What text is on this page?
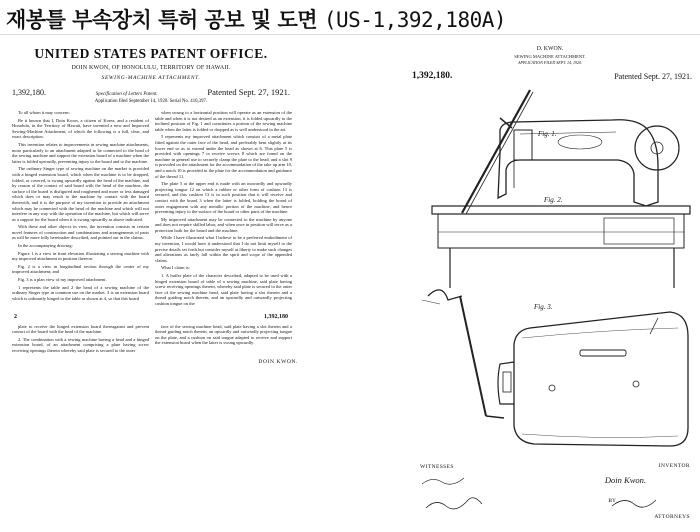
재봉틀 부속장치 특허 공보 및 도면 (US-1,392,180A)
UNITED STATES PATENT OFFICE.
DOIN KWON, OF HONOLULU, TERRITORY OF HAWAII.
SEWING-MACHINE ATTACHMENT.
1,392,180.	Specification of Letters Patent.	Patented Sept. 27, 1921.
Application filed September 14, 1920. Serial No. 410,397.

To all whom it may concern:

Be it known that I, Doin Kwon, a citizen of Korea, and a resident of Honolulu, in the Territory of Hawaii, have invented a new and Improved Sewing-Machine Attachment, of which the following is a full, clear, and exact description.

This invention relates to improvements in sewing machine attachments, more particularly to an attachment adapted to be connected to the head of the sewing machine and support the extension board of a machine when the latter is folded upwardly, preventing injury to the board and to the machine.

The ordinary Singer type of sewing machine on the market is provided with a hinged extension board, which when the machine is to be dropped, folded, or covered, is swung upwardly against the head of the machine, and by reason of the contact of said board with the head of the machine, the surface of the board is disfigured and roughened and more or less damaged which does or may result to the machine by contact with the board therewith, and it is the purpose of my invention to provide an attachment which may be connected with the head of the machine and which will not interfere in any way with the operation of the machine, but which will serve as a support for the board when it is swung upwardly as above indicated.

With these and other objects in view, the invention consists in certain novel features of construction and combinations and arrangements of parts as will be more fully hereinafter described, and pointed out in the claims.

In the accompanying drawing:

Figure 1 is a view in front elevation illustrating a sewing machine with my improved attachment in position thereon.

Fig. 2 is a view in longitudinal section through the center of my improved attachment; and

Fig. 3 is a plan view of my improved attachment.

1 represents the table and 2 the head of a sewing machine of the ordinary Singer type in common use on the market. 3 is an extension board which is ordinarily hinged to the table as shown at 4, so that this board

when swung to a horizontal position will operate as an extension of the table and when it is not desired as an extension, it is folded upwardly to the inclined position of Fig. 1 and constitutes a portion of the sewing machine table when the latter is folded or dropped as is well understood in the art.

5 represents my improved attachment which consists of a metal plate fitted against the outer face of the head, and preferably bent slightly at its lower end so as to extend under the head as shown at 6. This plate 5 is provided with openings 7 to receive screws 8 which are found on the machine in general use to securely clamp the plate to the head, and a slot 9 is provided on the attachment for the accommodation of the take up arm 10, and a notch 10 is provided in the plate for the accommodation and guidance of the thread 11.

The plate 5 at the upper end is made with an outwardly and upwardly projecting tongue 12 on which a rubber or other form of cushion 13 is secured, and this cushion 13 is in such position that it will receive and contact with the board 3 when the latter is folded, holding the board of outer engagement with any metallic portion of the machine, and hence preventing injury to the surface of the board or other parts of the machine.

My improved attachment may be connected to the machine by anyone and does not require skilled labor, and when once in position will serve as a protection both for the board and the machine.

While I have illustrated what I believe to be a preferred embodiment of my invention, I would have it understood that I do not limit myself to the precise details set forth but consider myself at liberty to make such changes and alterations as fairly fall within the spirit and scope of the appended claims.

What I claim is:

1. A buffer plate of the character described, adapted to be used with a hinged extension board of table of a sewing machine, said plate having screw receiving openings therein, whereby said plate is secured to the outer face of the sewing machine head, said plate having a slot therein and a thread guiding notch therein, and an upwardly and outwardly projecting cushion tongue on the

2	1,392,180

plate to receive the hinged extension board thereagainst and prevent contact of the board with the head of the machine.

2. The combination with a sewing machine having a head and a hinged extension board, of an attachment comprising a plate having screw receiving openings therein whereby said plate is secured to the outer

face of the sewing machine head, said plate having a slot therein and a thread guiding notch therein, an upwardly and outwardly projecting tongue on the plate, and a cushion on said tongue adapted to receive and support the extension board when the latter is swung upwardly.

DOIN KWON.
D. KWON.
SEWING MACHINE ATTACHMENT.
APPLICATION FILED SEPT. 14, 1920.
1,392,180.	Patented Sept. 27, 1921.
Fig. 1.
Fig. 2.
Fig. 3.
WITNESSES	INVENTOR
Doin Kwon.
BY
ATTORNEYS
